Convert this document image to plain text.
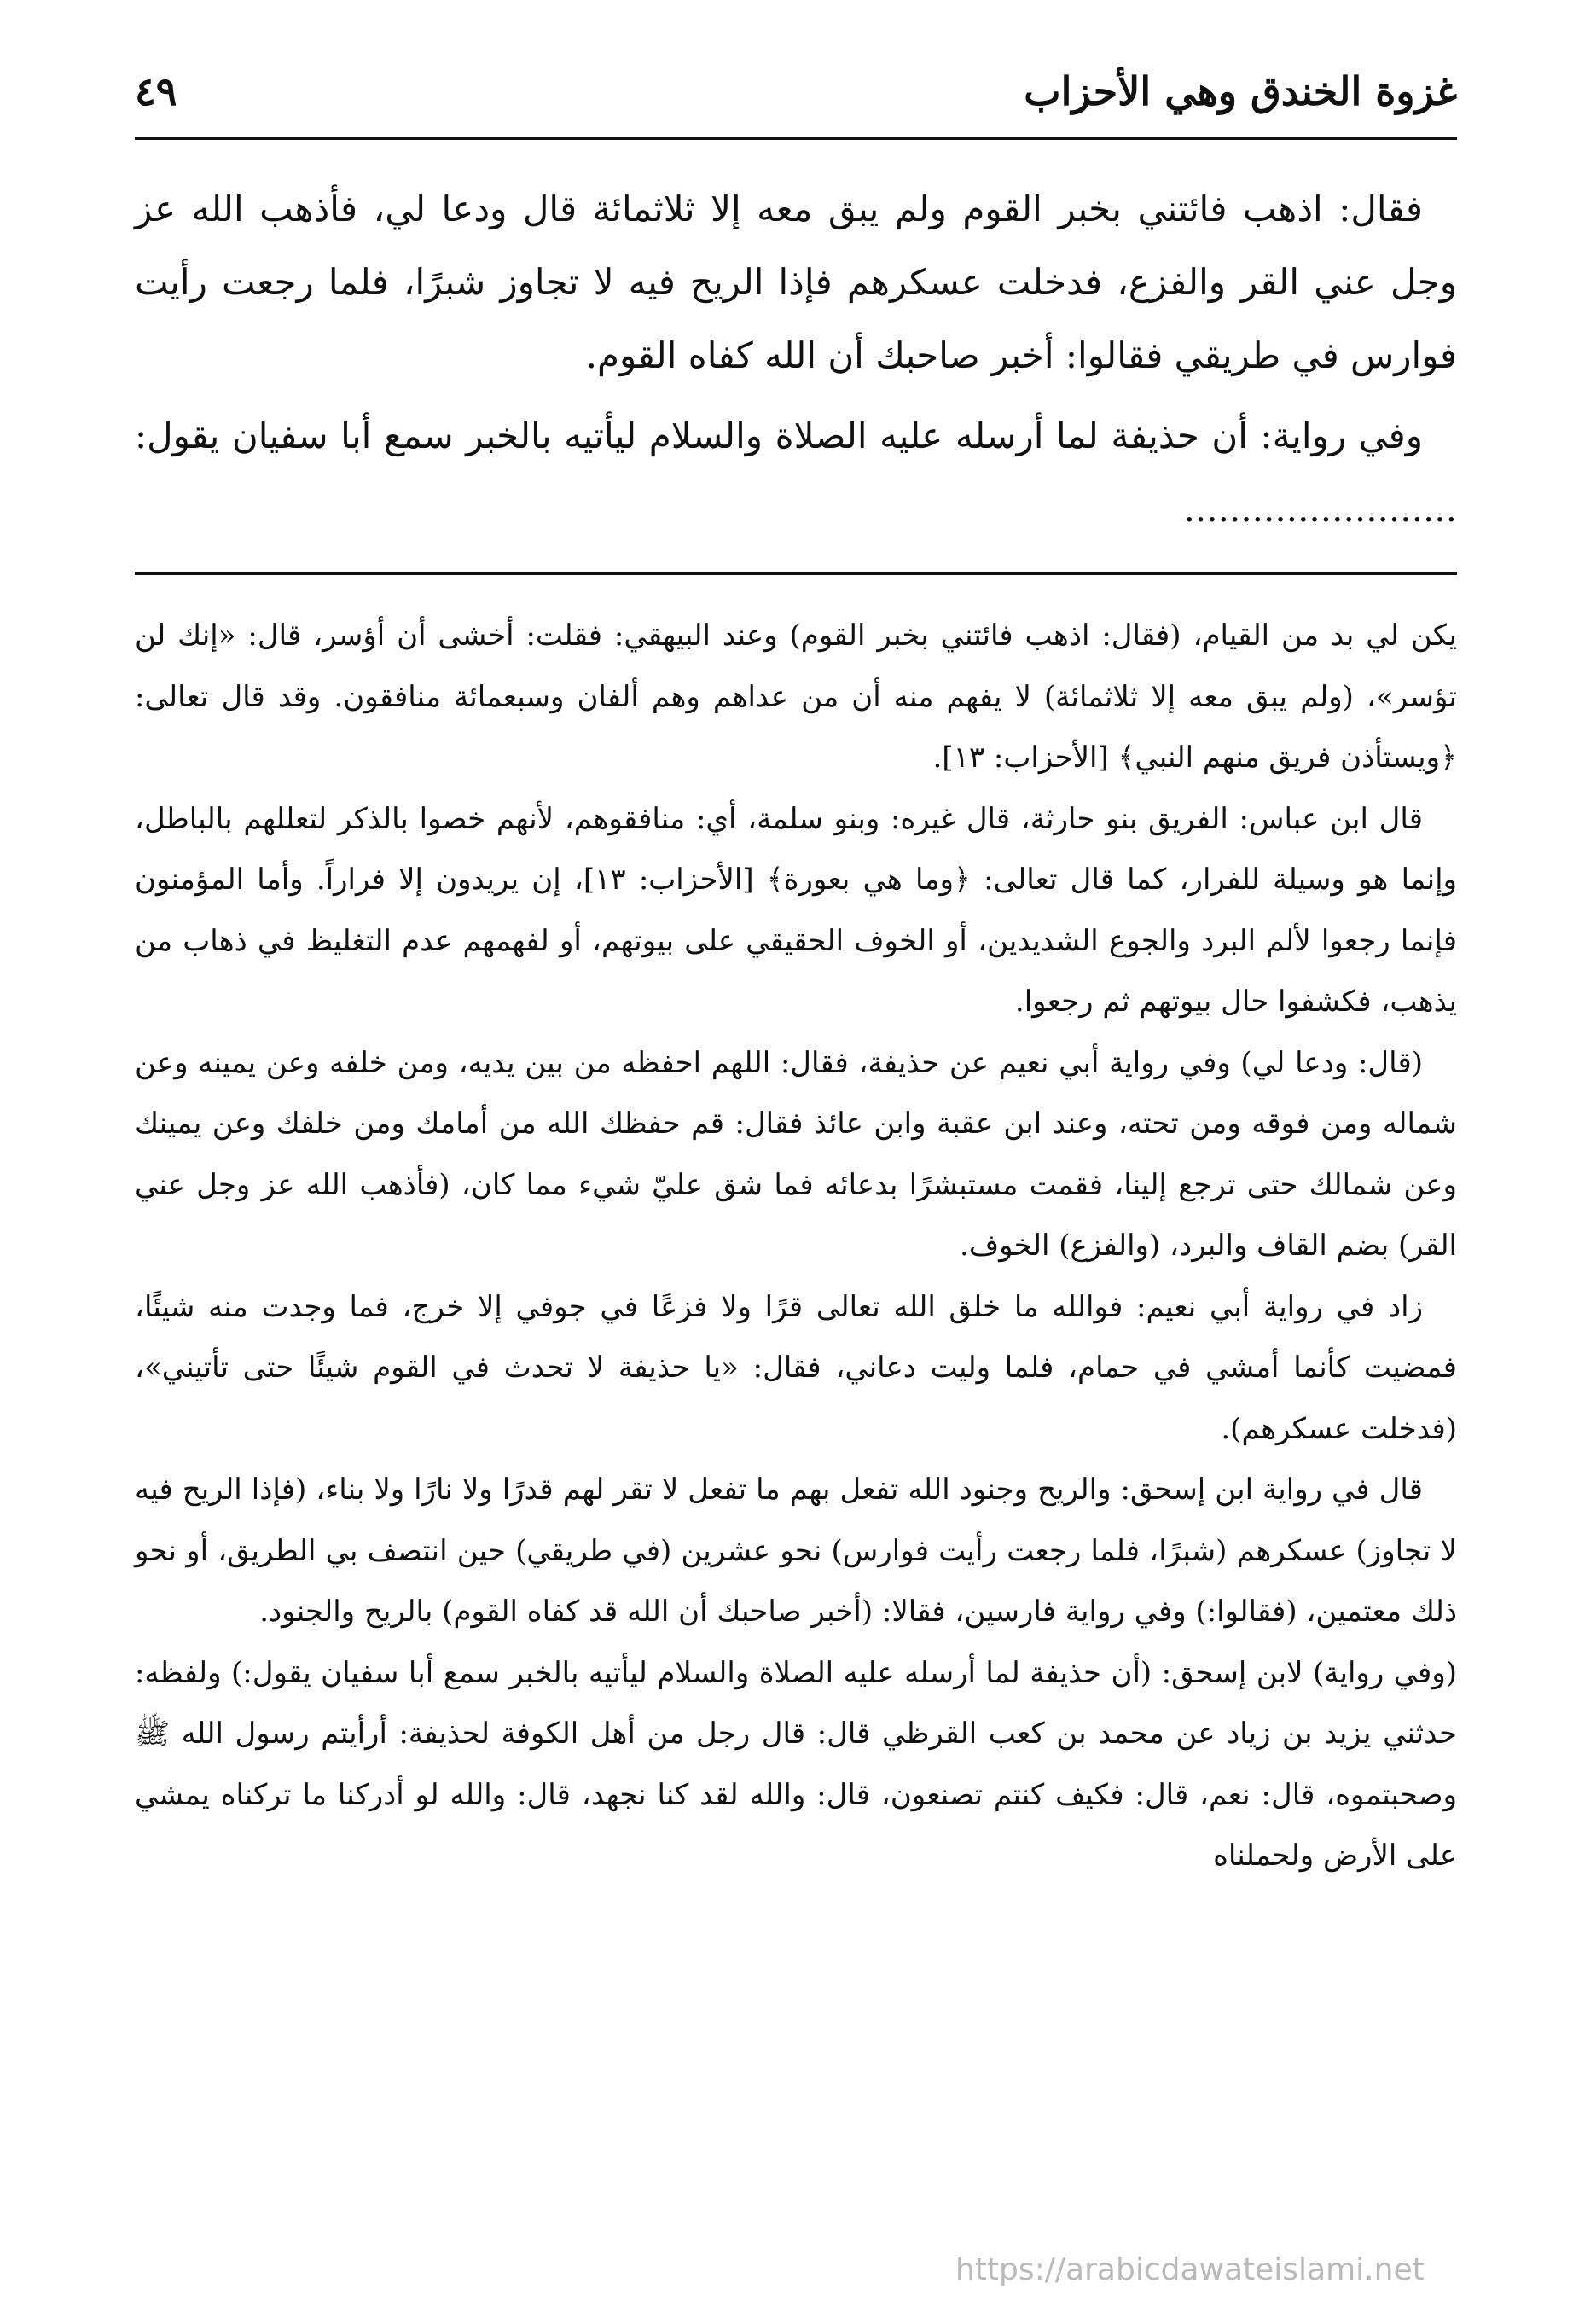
غزوة الخندق وهي الأحزاب
٤٩

فقال: اذهب فائتني بخبر القوم ولم يبق معه إلا ثلاثمائة قال ودعا لي، فأذهب الله عز وجل عني القر والفزع، فدخلت عسكرهم فإذا الريح فيه لا تجاوز شبرًا، فلما رجعت رأيت فوارس في طريقي فقالوا: أخبر صاحبك أن الله كفاه القوم.

وفي رواية: أن حذيفة لما أرسله عليه الصلاة والسلام ليأتيه بالخبر سمع أبا سفيان يقول: ........................

يكن لي بد من القيام، (فقال: اذهب فائتني بخبر القوم) وعند البيهقي: فقلت: أخشى أن أؤسر، قال: «إنك لن تؤسر»، (ولم يبق معه إلا ثلاثمائة) لا يفهم منه أن من عداهم وهم ألفان وسبعمائة منافقون. وقد قال تعالى: ﴿ويستأذن فريق منهم النبي﴾ [الأحزاب: ١٣].

قال ابن عباس: الفريق بنو حارثة، قال غيره: وبنو سلمة، أي: منافقوهم، لأنهم خصوا بالذكر لتعللهم بالباطل، وإنما هو وسيلة للفرار، كما قال تعالى: ﴿وما هي بعورة﴾ [الأحزاب: ١٣]، إن يريدون إلا فراراً. وأما المؤمنون فإنما رجعوا لألم البرد والجوع الشديدين، أو الخوف الحقيقي على بيوتهم، أو لفهمهم عدم التغليظ في ذهاب من يذهب، فكشفوا حال بيوتهم ثم رجعوا.

(قال: ودعا لي) وفي رواية أبي نعيم عن حذيفة، فقال: اللهم احفظه من بين يديه، ومن خلفه وعن يمينه وعن شماله ومن فوقه ومن تحته، وعند ابن عقبة وابن عائذ فقال: قم حفظك الله من أمامك ومن خلفك وعن يمينك وعن شمالك حتى ترجع إلينا، فقمت مستبشرًا بدعائه فما شق عليّ شيء مما كان، (فأذهب الله عز وجل عني القر) بضم القاف والبرد، (والفزع) الخوف.

زاد في رواية أبي نعيم: فوالله ما خلق الله تعالى قرًا ولا فزعًا في جوفي إلا خرج، فما وجدت منه شيئًا، فمضيت كأنما أمشي في حمام، فلما وليت دعاني، فقال: «يا حذيفة لا تحدث في القوم شيئًا حتى تأتيني»، (فدخلت عسكرهم).

قال في رواية ابن إسحق: والريح وجنود الله تفعل بهم ما تفعل لا تقر لهم قدرًا ولا نارًا ولا بناء، (فإذا الريح فيه لا تجاوز) عسكرهم (شبرًا، فلما رجعت رأيت فوارس) نحو عشرين (في طريقي) حين انتصف بي الطريق، أو نحو ذلك معتمين، (فقالوا:) وفي رواية فارسين، فقالا: (أخبر صاحبك أن الله قد كفاه القوم) بالريح والجنود.

(وفي رواية) لابن إسحق: (أن حذيفة لما أرسله عليه الصلاة والسلام ليأتيه بالخبر سمع أبا سفيان يقول:) ولفظه: حدثني يزيد بن زياد عن محمد بن كعب القرظي قال: قال رجل من أهل الكوفة لحذيفة: أرأيتم رسول الله ﷺ وصحبتموه، قال: نعم، قال: فكيف كنتم تصنعون، قال: والله لقد كنا نجهد، قال: والله لو أدركنا ما تركناه يمشي على الأرض ولحملناه

https://arabicdawateislami.net
